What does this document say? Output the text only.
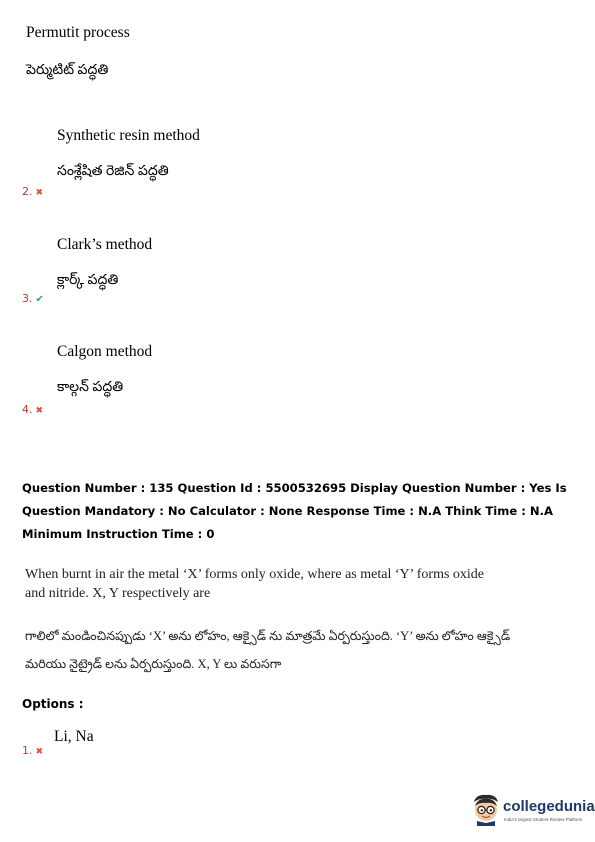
Permutit process
పెర్ముటిట్ పద్ధతి
Synthetic resin method
సంశ్లేషిత రెజిన్ పద్ధతి
2. ✖
Clark’s method
క్లార్క్ పద్ధతి
3. ✔
Calgon method
కాల్గన్ పద్ధతి
4. ✖
Question Number : 135 Question Id : 5500532695 Display Question Number : Yes Is Question Mandatory : No Calculator : None Response Time : N.A Think Time : N.A Minimum Instruction Time : 0
When burnt in air the metal ‘X’ forms only oxide, where as metal ‘Y’ forms oxide and nitride. X, Y respectively are
గాలిలో మండించినప్పుడు ‘X’ అను లోహం, ఆక్సైడ్ ను మాత్రమే ఏర్పరుస్తుంది. ‘Y’ అను లోహం ఆక్సైడ్ మరియు నైట్రైడ్ లను ఏర్పరుస్తుంది. X, Y లు వరుసగా
Options :
Li, Na
1. ✖
collegedunia
India's largest Student Review Platform
